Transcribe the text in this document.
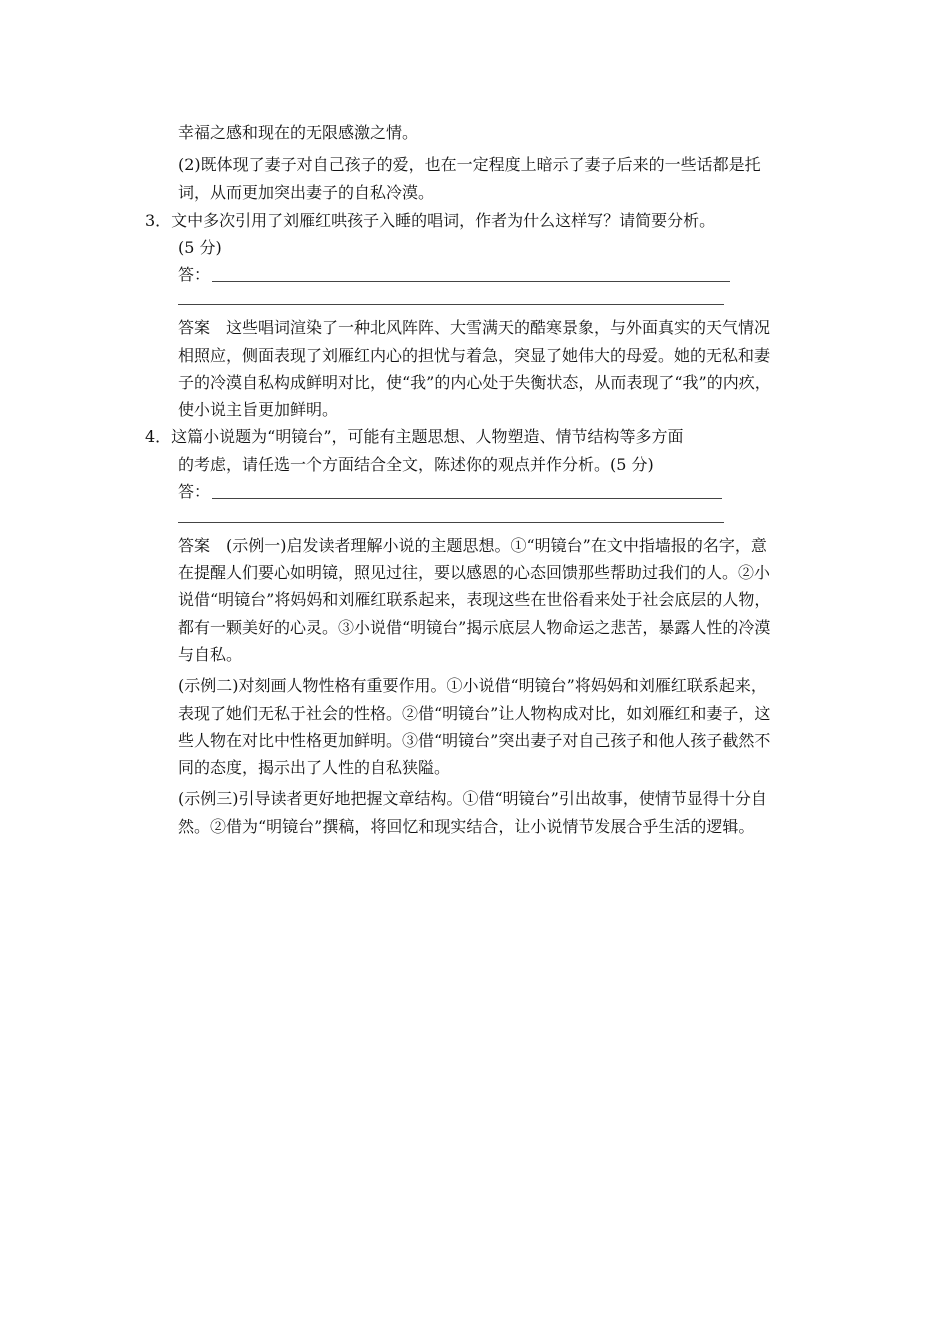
幸福之感和现在的无限感激之情。
(2)既体现了妻子对自己孩子的爱，也在一定程度上暗示了妻子后来的一些话都是托
词，从而更加突出妻子的自私冷漠。
3．文中多次引用了刘雁红哄孩子入睡的唱词，作者为什么这样写？请简要分析。
(5 分)
答：
答案　这些唱词渲染了一种北风阵阵、大雪满天的酷寒景象，与外面真实的天气情况
相照应，侧面表现了刘雁红内心的担忧与着急，突显了她伟大的母爱。她的无私和妻
子的冷漠自私构成鲜明对比，使“我”的内心处于失衡状态，从而表现了“我”的内疚，
使小说主旨更加鲜明。
4．这篇小说题为“明镜台”，可能有主题思想、人物塑造、情节结构等多方面
的考虑，请任选一个方面结合全文，陈述你的观点并作分析。(5 分)
答：
答案　(示例一)启发读者理解小说的主题思想。①“明镜台”在文中指墙报的名字，意
在提醒人们要心如明镜，照见过往，要以感恩的心态回馈那些帮助过我们的人。②小
说借“明镜台”将妈妈和刘雁红联系起来，表现这些在世俗看来处于社会底层的人物，
都有一颗美好的心灵。③小说借“明镜台”揭示底层人物命运之悲苦，暴露人性的冷漠
与自私。
(示例二)对刻画人物性格有重要作用。①小说借“明镜台”将妈妈和刘雁红联系起来，
表现了她们无私于社会的性格。②借“明镜台”让人物构成对比，如刘雁红和妻子，这
些人物在对比中性格更加鲜明。③借“明镜台”突出妻子对自己孩子和他人孩子截然不
同的态度，揭示出了人性的自私狭隘。
(示例三)引导读者更好地把握文章结构。①借“明镜台”引出故事，使情节显得十分自
然。②借为“明镜台”撰稿，将回忆和现实结合，让小说情节发展合乎生活的逻辑。
